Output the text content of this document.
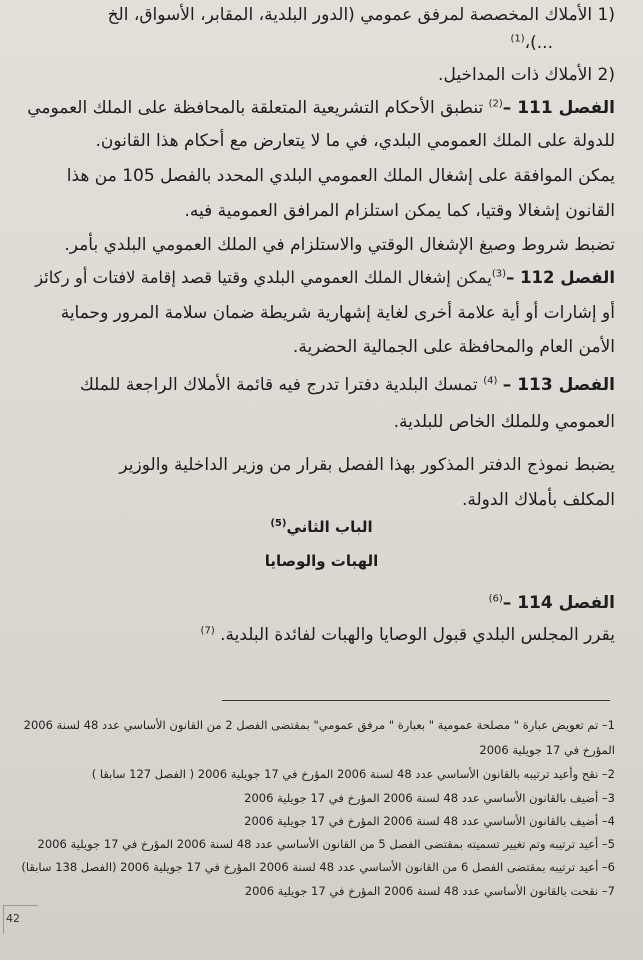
(1 الأملاك المخصصة لمرفق عمومي (الدور البلدية، المقابر، الأسواق، الخ
...)،$^{(1)}$
(2 الأملاك ذات المداخيل.
الفصل 111 –$^{(2)}$ تنطبق الأحكام التشريعية المتعلقة بالمحافظة على الملك العمومي
للدولة على الملك العمومي البلدي، في ما لا يتعارض مع أحكام هذا القانون.
يمكن الموافقة على إشغال الملك العمومي البلدي المحدد بالفصل 105 من هذا
القانون إشغالا وقتيا، كما يمكن استلزام المرافق العمومية فيه.
تضبط شروط وصيغ الإشغال الوقتي والاستلزام في الملك العمومي البلدي بأمر.
الفصل 112 –$^{(3)}$يمكن إشغال الملك العمومي البلدي وقتيا قصد إقامة لافتات أو ركائز
أو إشارات أو أية علامة أخرى لغاية إشهارية شريطة ضمان سلامة المرور وحماية
الأمن العام والمحافظة على الجمالية الحضرية.
الفصل 113 – $^{(4)}$ تمسك البلدية دفترا تدرج فيه قائمة الأملاك الراجعة للملك
العمومي وللملك الخاص للبلدية.
يضبط نموذج الدفتر المذكور بهذا الفصل بقرار من وزير الداخلية والوزير
المكلف بأملاك الدولة.
الباب الثاني$^{(5)}$
الهبات والوصايا
الفصل 114 –$^{(6)}$
يقرر المجلس البلدي قبول الوصايا والهبات لفائدة البلدية. $^{(7)}$
1– تم تعويض عبارة " مصلحة عمومية " بعبارة " مرفق عمومي" بمقتضى الفصل 2 من القانون الأساسي عدد 48 لسنة 2006
المؤرخ في 17 جويلية 2006
2– نقح وأعيد ترتيبه بالقانون الأساسي عدد 48 لسنة 2006 المؤرخ في 17 جويلية 2006 ( الفصل 127 سابقا )
3– أضيف بالقانون الأساسي عدد 48 لسنة 2006 المؤرخ في 17 جويلية 2006
4– أضيف بالقانون الأساسي عدد 48 لسنة 2006 المؤرخ في 17 جويلية 2006
5– أعيد ترتيبه وتم تغيير تسميته بمقتضى الفصل 5 من القانون الأساسي عدد 48 لسنة 2006 المؤرخ في 17 جويلية 2006
6– أعيد ترتيبه بمقتضى الفصل 6 من القانون الأساسي عدد 48 لسنة 2006 المؤرخ في 17 جويلية 2006 (الفصل 138 سابقا)
7– نقحت بالقانون الأساسي عدد 48 لسنة 2006 المؤرخ في 17 جويلية 2006
42
